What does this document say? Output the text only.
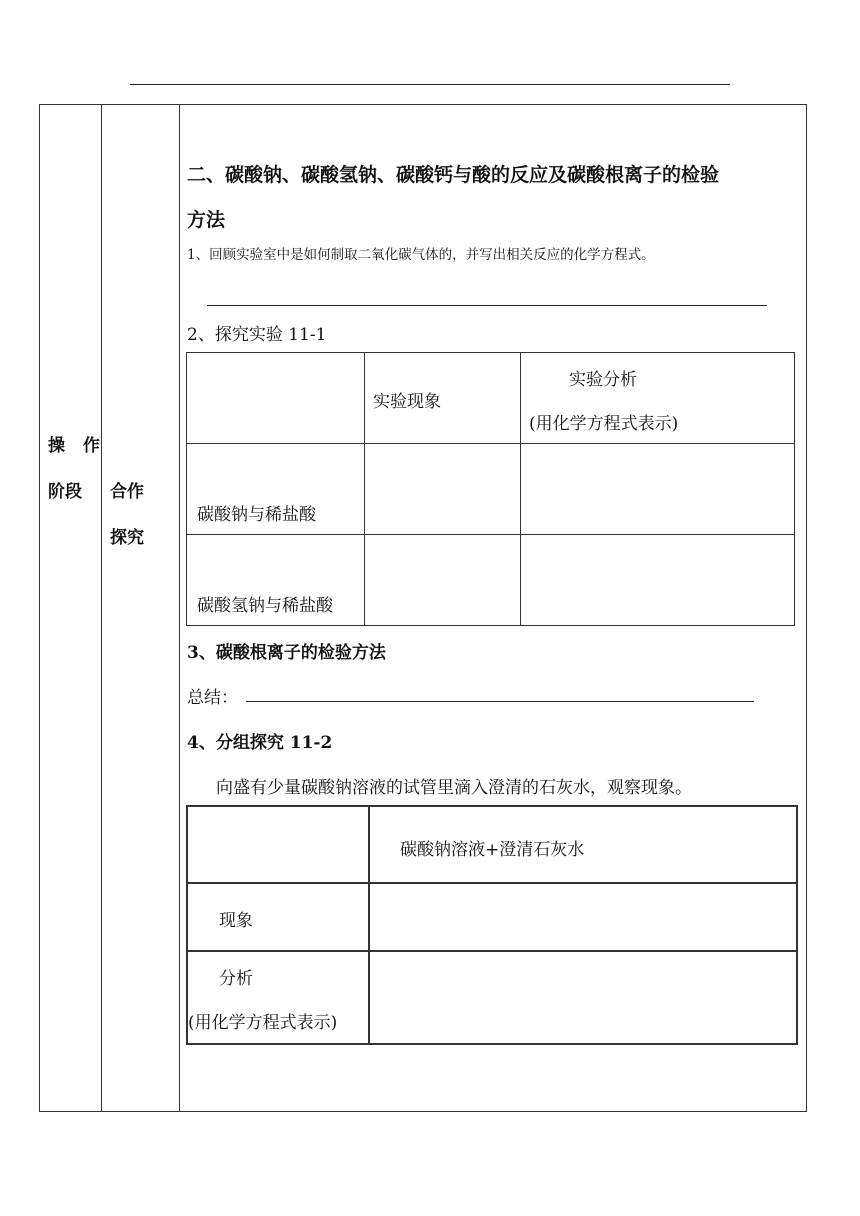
操 作
阶段 合作
探究
二、碳酸钠、碳酸氢钠、碳酸钙与酸的反应及碳酸根离子的检验
方法
1、回顾实验室中是如何制取二氧化碳气体的，并写出相关反应的化学方程式。
2、探究实验 11-1

	实验现象	实验分析
(用化学方程式表示)

碳酸钠与稀盐酸		

碳酸氢钠与稀盐酸		

3、碳酸根离子的检验方法
总结：
4、分组探究 11-2
向盛有少量碳酸钠溶液的试管里滴入澄清的石灰水，观察现象。

	碳酸钠溶液+澄清石灰水

现象	

分析
(用化学方程式表示)	
